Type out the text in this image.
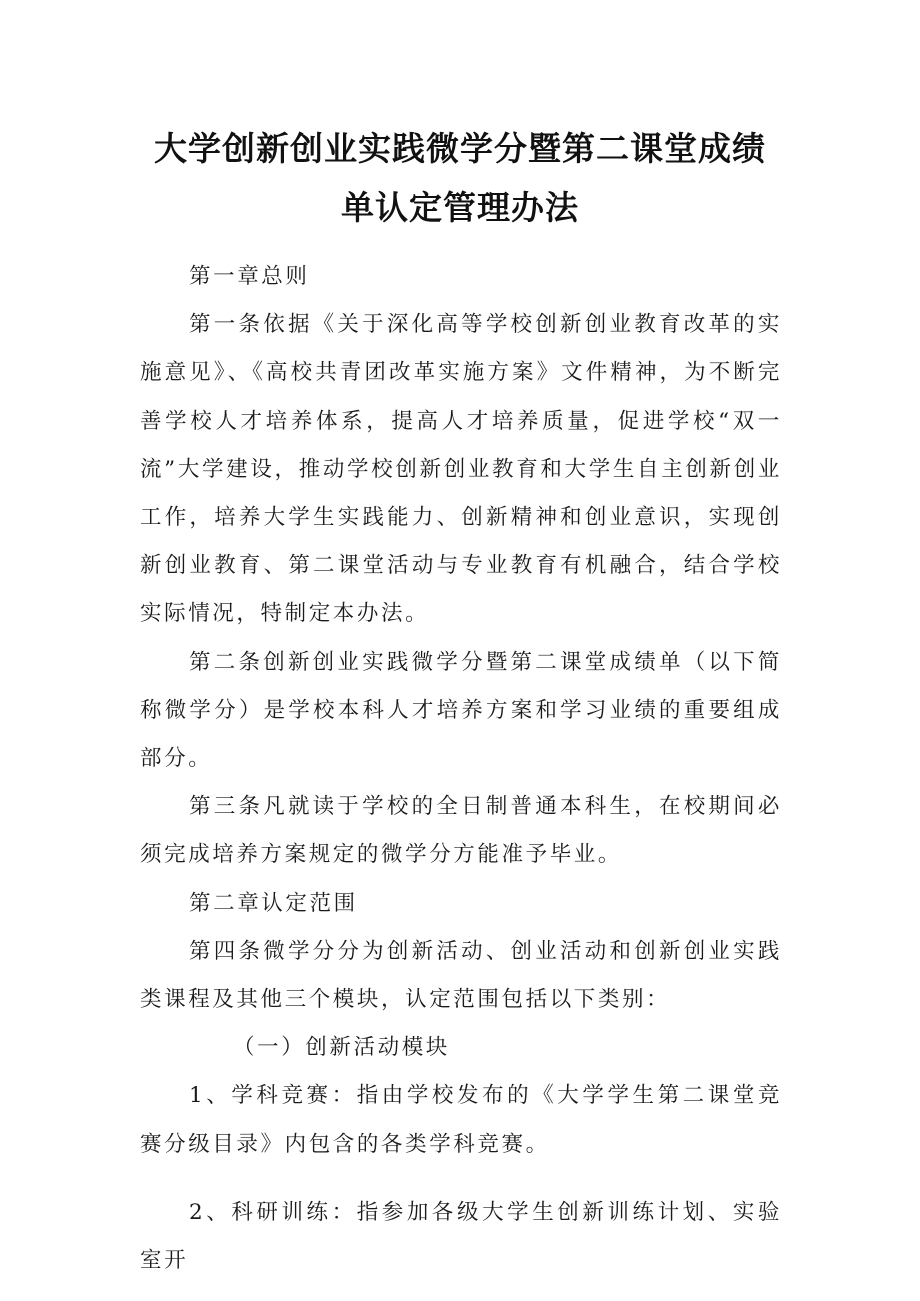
大学创新创业实践微学分暨第二课堂成绩
单认定管理办法

第一章总则

第一条依据《关于深化高等学校创新创业教育改革的实施意见》、《高校共青团改革实施方案》文件精神，为不断完善学校人才培养体系，提高人才培养质量，促进学校“双一流”大学建设，推动学校创新创业教育和大学生自主创新创业工作，培养大学生实践能力、创新精神和创业意识，实现创新创业教育、第二课堂活动与专业教育有机融合，结合学校实际情况，特制定本办法。

第二条创新创业实践微学分暨第二课堂成绩单（以下简称微学分）是学校本科人才培养方案和学习业绩的重要组成部分。

第三条凡就读于学校的全日制普通本科生，在校期间必须完成培养方案规定的微学分方能准予毕业。

第二章认定范围

第四条微学分分为创新活动、创业活动和创新创业实践类课程及其他三个模块，认定范围包括以下类别：

（一）创新活动模块

1、学科竞赛：指由学校发布的《大学学生第二课堂竞赛分级目录》内包含的各类学科竞赛。

2、科研训练：指参加各级大学生创新训练计划、实验室开
